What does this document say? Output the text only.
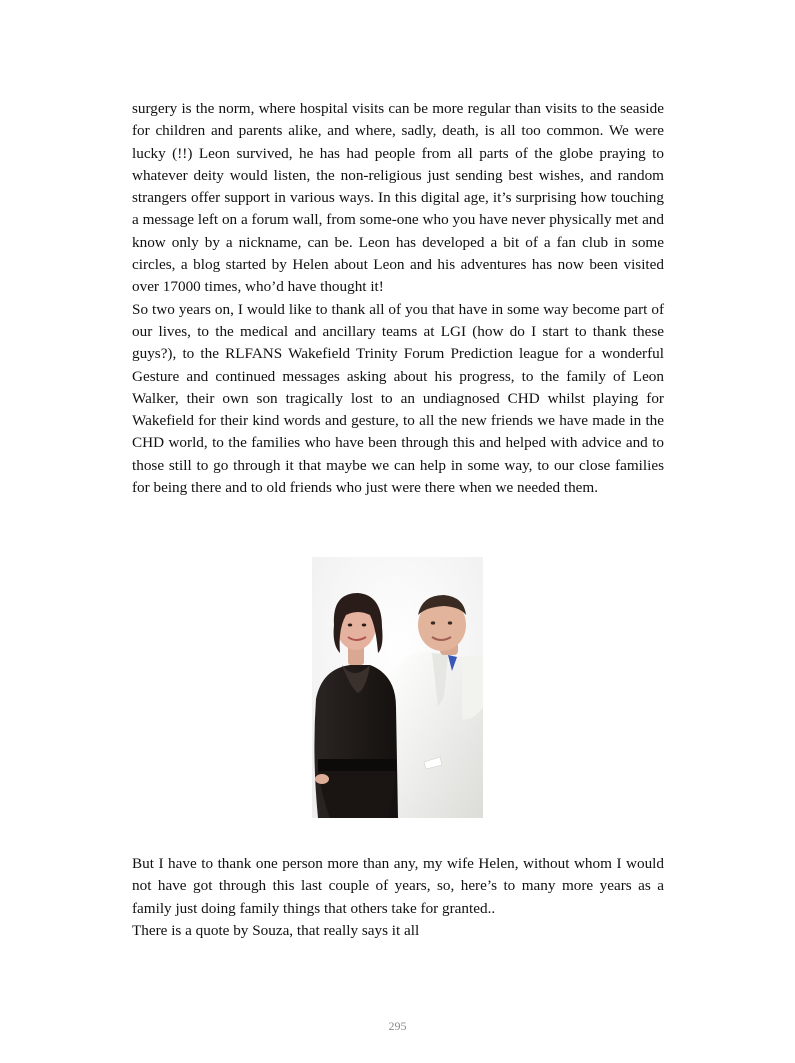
surgery is the norm, where hospital visits can be more regular than visits to the seaside for children and parents alike, and where, sadly, death, is all too common. We were lucky (!!) Leon survived, he has had people from all parts of the globe praying to whatever deity would listen, the non-religious just sending best wishes, and random strangers offer support in various ways. In this digital age, it’s surprising how touching a message left on a forum wall, from some-one who you have never physically met and know only by a nickname, can be. Leon has developed a bit of a fan club in some circles, a blog started by Helen about Leon and his adventures has now been visited over 17000 times, who’d have thought it!

So two years on, I would like to thank all of you that have in some way become part of our lives, to the medical and ancillary teams at LGI (how do I start to thank these guys?), to the RLFANS Wakefield Trinity Forum Prediction league for a wonderful Gesture and continued messages asking about his progress, to the family of Leon Walker, their own son tragically lost to an undiagnosed CHD whilst playing for Wakefield for their kind words and gesture, to all the new friends we have made in the CHD world, to the families who have been through this and helped with advice and to those still to go through it that maybe we can help in some way, to our close families for being there and to old friends who just were there when we needed them.

But I have to thank one person more than any, my wife Helen, without whom I would not have got through this last couple of years, so, here’s to many more years as a family just doing family things that others take for granted..

There is a quote by Souza, that really says it all

295
